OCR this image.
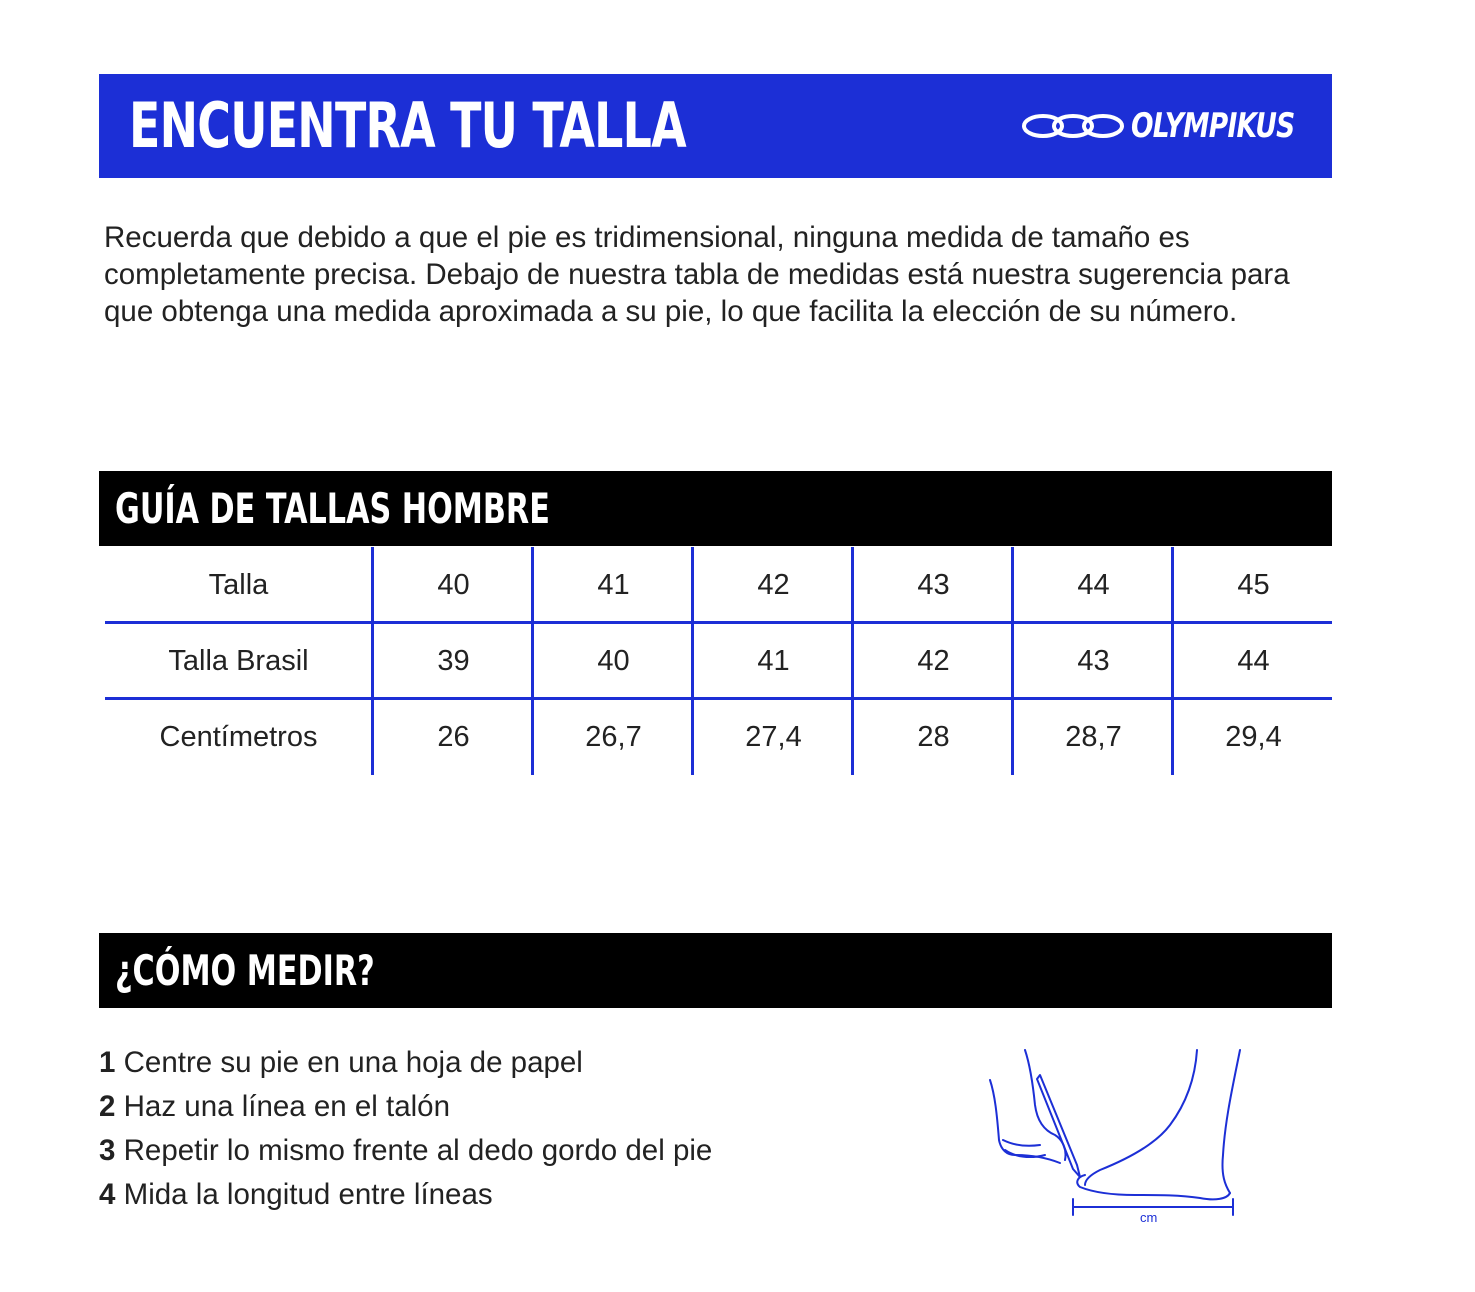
ENCUENTRA TU TALLA	OLYMPIKUS

Recuerda que debido a que el pie es tridimensional, ninguna medida de tamaño es completamente precisa. Debajo de nuestra tabla de medidas está nuestra sugerencia para que obtenga una medida aproximada a su pie, lo que facilita la elección de su número.

GUÍA DE TALLAS HOMBRE
Talla	40	41	42	43	44	45
Talla Brasil	39	40	41	42	43	44
Centímetros	26	26,7	27,4	28	28,7	29,4
¿CÓMO MEDIR?
1 Centre su pie en una hoja de papel
2 Haz una línea en el talón
3 Repetir lo mismo frente al dedo gordo del pie
4 Mida la longitud entre líneas
cm
